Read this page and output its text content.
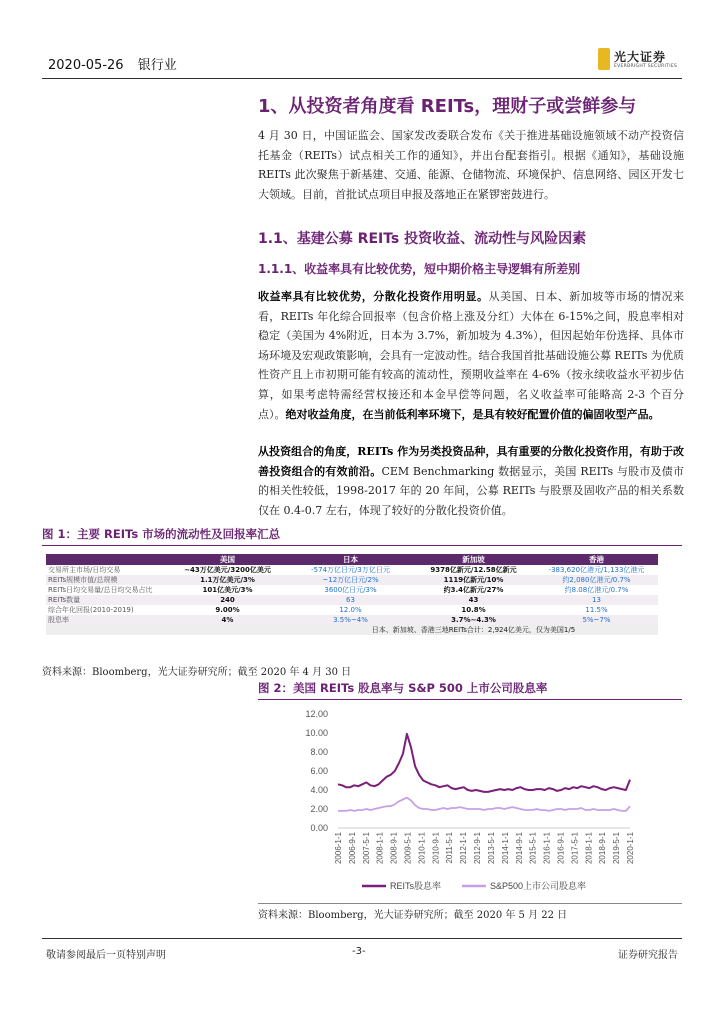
2020-05-26 银行业
光大证券
EVERBRIGHT SECURITIES
1、从投资者角度看 REITs，理财子或尝鲜参与
4 月 30 日，中国证监会、国家发改委联合发布《关于推进基础设施领域不动产投资信托基金（REITs）试点相关工作的通知》，并出台配套指引。根据《通知》，基础设施 REITs 此次聚焦于新基建、交通、能源、仓储物流、环境保护、信息网络、园区开发七大领域。目前，首批试点项目申报及落地正在紧锣密鼓进行。
1.1、基建公募 REITs 投资收益、流动性与风险因素
1.1.1、收益率具有比较优势，短中期价格主导逻辑有所差别
收益率具有比较优势，分散化投资作用明显。从美国、日本、新加坡等市场的情况来看，REITs 年化综合回报率（包含价格上涨及分红）大体在 6-15%之间，股息率相对稳定（美国为 4%附近，日本为 3.7%，新加坡为 4.3%），但因起始年份选择、具体市场环境及宏观政策影响，会具有一定波动性。结合我国首批基础设施公募 REITs 为优质性资产且上市初期可能有较高的流动性，预期收益率在 4-6%（按永续收益水平初步估算，如果考虑特需经营权接还和本金早偿等问题，名义收益率可能略高 2-3 个百分点）。绝对收益角度，在当前低利率环境下，是具有较好配置价值的偏固收型产品。
从投资组合的角度，REITs 作为另类投资品种，具有重要的分散化投资作用，有助于改善投资组合的有效前沿。CEM Benchmarking 数据显示，美国 REITs 与股市及债市的相关性较低，1998-2017 年的 20 年间，公募 REITs 与股票及固收产品的相关系数仅在 0.4-0.7 左右，体现了较好的分散化投资价值。
图 1：主要 REITs 市场的流动性及回报率汇总
	美国	日本	新加坡	香港
交易所主市场/日均交易	~43万亿美元/3200亿美元	-574万亿日元/3万亿日元	9378亿新元/12.58亿新元	-383,620亿港元/1,133亿港元
REITs规模市值/总规模	1.1万亿美元/3%	~12万亿日元/2%	1119亿新元/10%	约2,080亿港元/0.7%
REITs日均交易量/总日均交易占比	101亿美元/3%	3600亿日元/3%	约3.4亿新元/27%	约8.08亿港元/0.7%
REITs数量	240	63	43	13
综合年化回报(2010-2019)	9.00%	12.0%	10.8%	11.5%
股息率	4%	3.5%~4%	3.7%~4.3%	5%~7%
		日本、新加坡、香港三地REITs合计：2,924亿美元，仅为美国1/5		
资料来源：Bloomberg，光大证券研究所；截至 2020 年 4 月 30 日
图 2：美国 REITs 股息率与 S&P 500 上市公司股息率
12.00
10.00
8.00
6.00
4.00
2.00
0.00
2006-1-1 2006-9-1 2007-5-1 2008-1-1 2008-9-1 2009-5-1 2010-1-1 2010-9-1 2011-5-1 2012-1-1 2012-9-1 2013-5-1 2014-1-1 2014-9-1 2015-5-1 2016-1-1 2016-9-1 2017-5-1 2018-1-1 2018-9-1 2019-5-1 2020-1-1
REITs股息率	S&P500上市公司股息率
资料来源：Bloomberg，光大证券研究所；截至 2020 年 5 月 22 日
敬请参阅最后一页特别声明	-3-	证券研究报告
